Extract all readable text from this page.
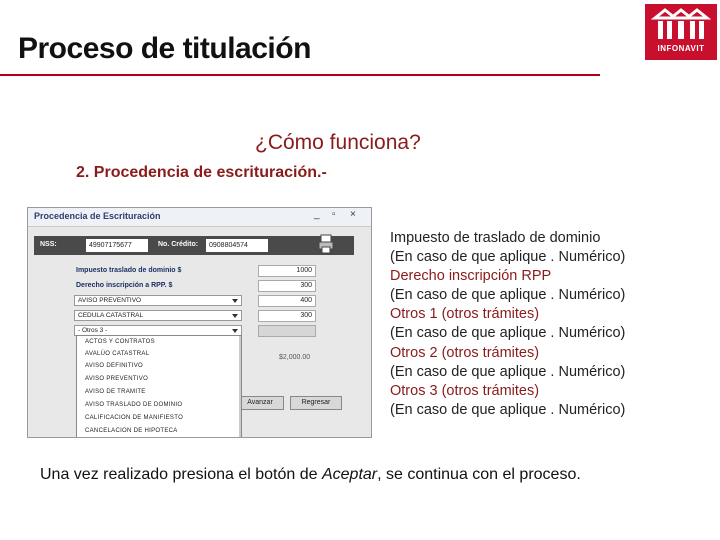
Proceso de titulación	INFONAVIT
¿Cómo funciona?
2. Procedencia de escrituración.-
Procedencia de Escrituración	_ ▫ ×
NSS:	49907175677	No. Crédito:	0908804574
Impuesto traslado de dominio $	1000
Derecho inscripción a RPP. $	300
AVISO PREVENTIVO	400
CEDULA CATASTRAL	300
- Otros 3 -
$2,000.00
Avanzar	Regresar
ACTOS Y CONTRATOS
AVALÚO CATASTRAL
AVISO DEFINITIVO
AVISO PREVENTIVO
AVISO DE TRAMITE
AVISO TRASLADO DE DOMINIO
CALIFICACION DE MANIFIESTO
CANCELACION DE HIPOTECA
Impuesto de traslado de dominio
(En caso de que aplique . Numérico)
Derecho inscripción RPP
(En caso de que aplique . Numérico)
Otros 1 (otros trámites)
(En caso de que aplique . Numérico)
Otros 2 (otros trámites)
(En caso de que aplique . Numérico)
Otros 3 (otros trámites)
(En caso de que aplique . Numérico)
Una vez realizado presiona el botón de Aceptar, se continua con el proceso.
